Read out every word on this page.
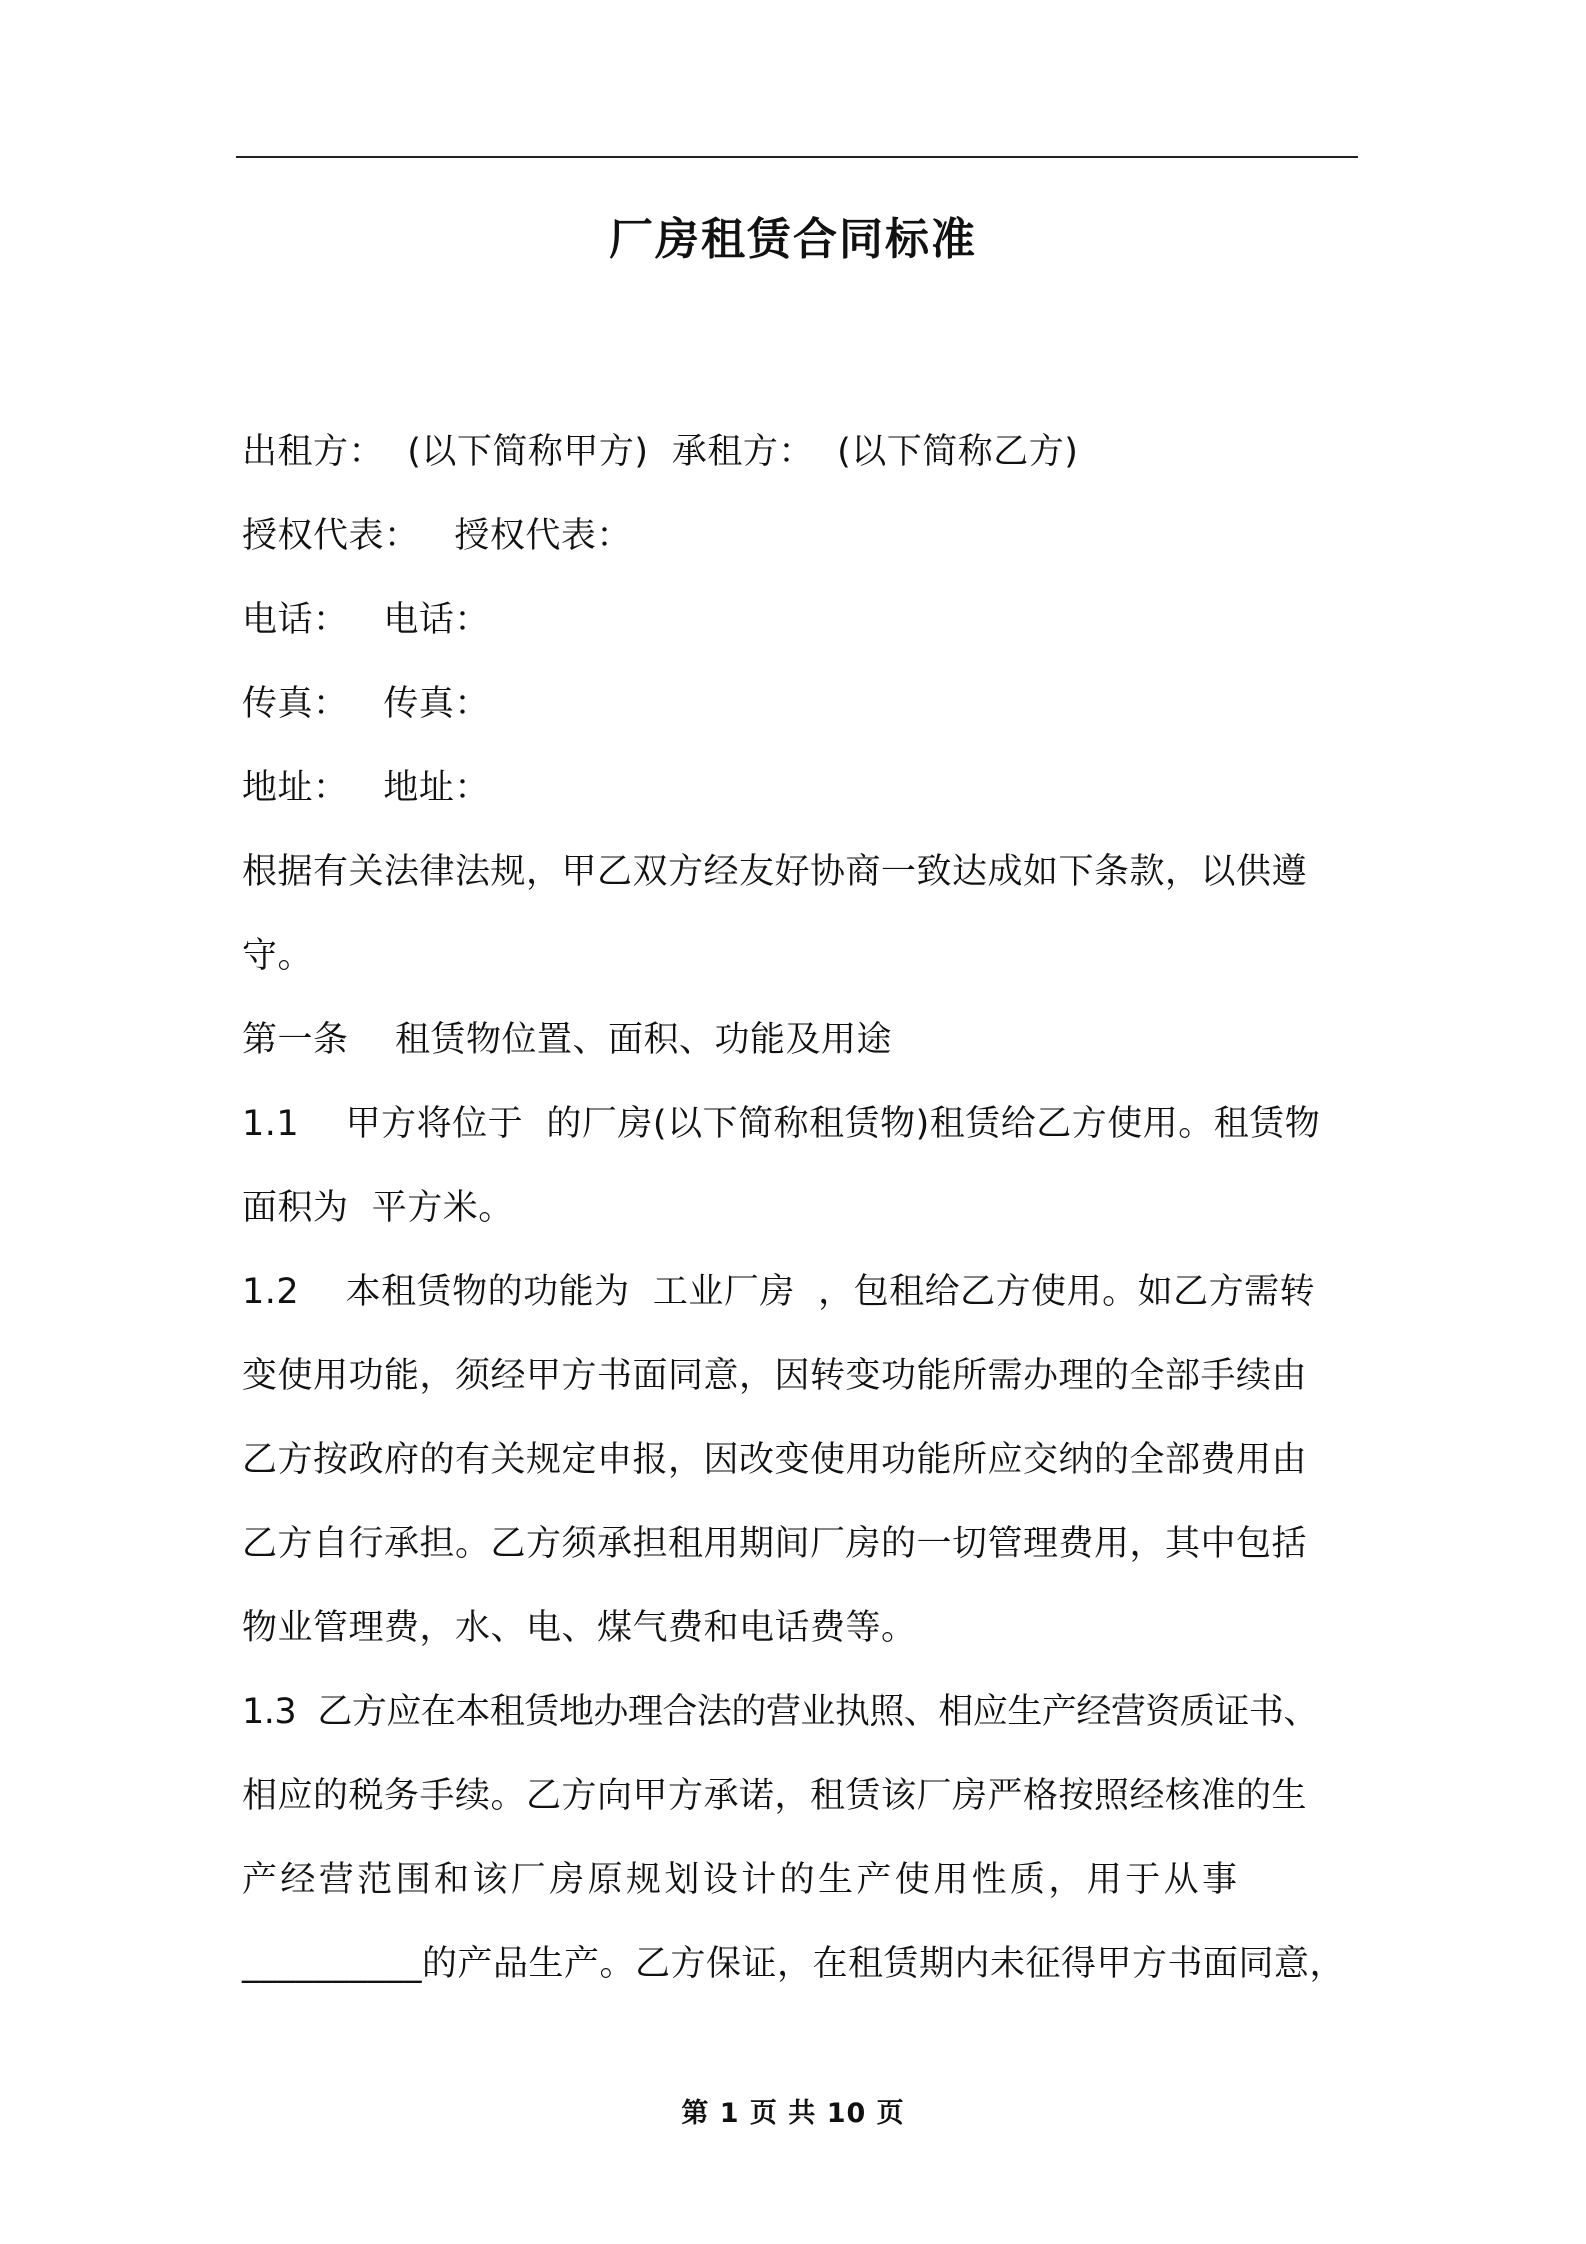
厂房租赁合同标准
出租方：  (以下简称甲方)  承租方：  (以下简称乙方)
授权代表：   授权代表：
电话：   电话：
传真：   传真：
地址：   地址：
根据有关法律法规，甲乙双方经友好协商一致达成如下条款，以供遵
守。
第一条    租赁物位置、面积、功能及用途
1.1    甲方将位于  的厂房(以下简称租赁物)租赁给乙方使用。租赁物
面积为  平方米。
1.2    本租赁物的功能为  工业厂房  ，包租给乙方使用。如乙方需转
变使用功能，须经甲方书面同意，因转变功能所需办理的全部手续由
乙方按政府的有关规定申报，因改变使用功能所应交纳的全部费用由
乙方自行承担。乙方须承担租用期间厂房的一切管理费用，其中包括
物业管理费，水、电、煤气费和电话费等。
1.3  乙方应在本租赁地办理合法的营业执照、相应生产经营资质证书、
相应的税务手续。乙方向甲方承诺，租赁该厂房严格按照经核准的生
产经营范围和该厂房原规划设计的生产使用性质，用于从事
__________的产品生产。乙方保证，在租赁期内未征得甲方书面同意，
第 1 页 共 10 页
